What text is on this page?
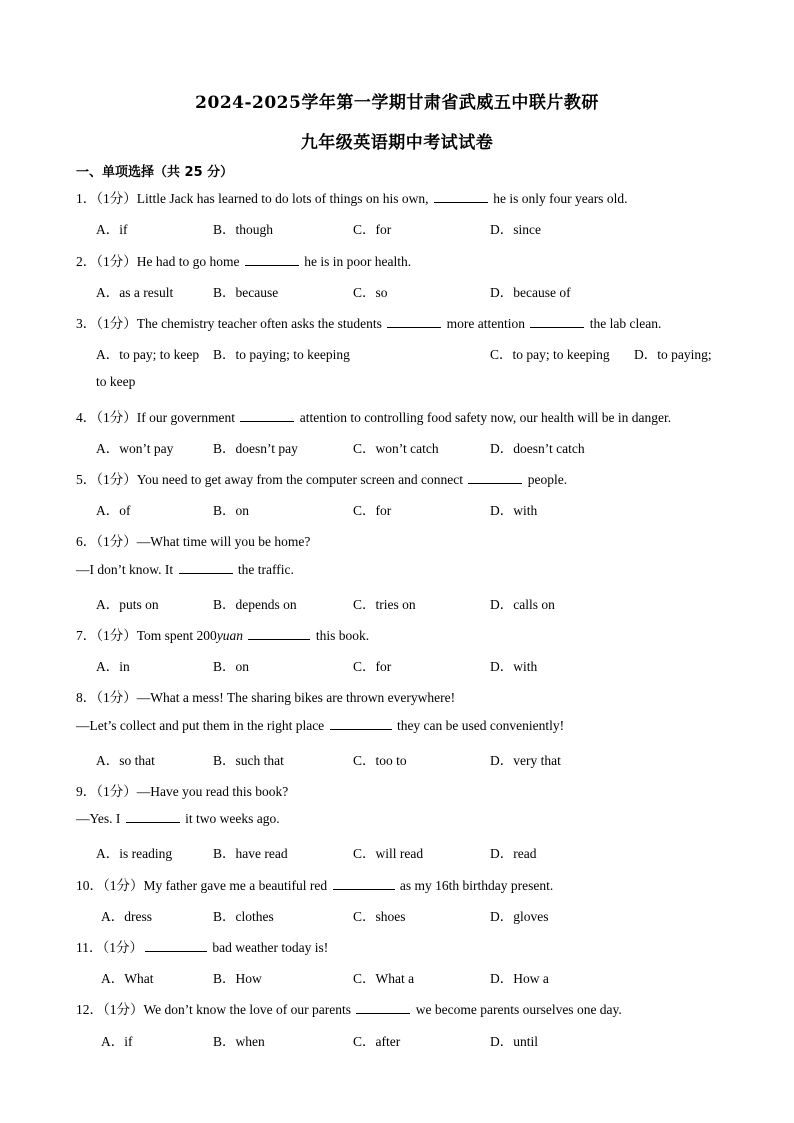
2024-2025学年第一学期甘肃省武威五中联片教研
九年级英语期中考试试卷
一、单项选择（共 25 分）
1．（1分）Little Jack has learned to do lots of things on his own,	he is only four years old.
A．if	B．though	C．for	D．since
2．（1分）He had to go home	he is in poor health.
A．as a result	B．because	C．so	D．because of
3．（1分）The chemistry teacher often asks the students	more attention	the lab clean.
A．to pay; to keep B．to paying; to keeping	C．to pay; to keeping D．to paying;
to keep
4．（1分）If our government	attention to controlling food safety now, our health will be in danger.
A．won’t pay	B．doesn’t pay	C．won’t catch	D．doesn’t catch
5．（1分）You need to get away from the computer screen and connect	people.
A．of	B．on	C．for	D．with
6．（1分）—What time will you be home?
—I don’t know. It	the traffic.
A．puts on	B．depends on	C．tries on	D．calls on
7．（1分）Tom spent 200yuan	this book.
A．in	B．on	C．for	D．with
8．（1分）—What a mess! The sharing bikes are thrown everywhere!
—Let’s collect and put them in the right place	they can be used conveniently!
A．so that	B．such that	C．too to	D．very that
9．（1分）—Have you read this book?
—Yes. I	it two weeks ago.
A．is reading	B．have read	C．will read	D．read
10．（1分）My father gave me a beautiful red	as my 16th birthday present.
A．dress	B．clothes	C．shoes	D．gloves
11．（1分）	bad weather today is!
A．What	B．How	C．What a	D．How a
12．（1分）We don’t know the love of our parents	we become parents ourselves one day.
A．if	B．when	C．after	D．until
